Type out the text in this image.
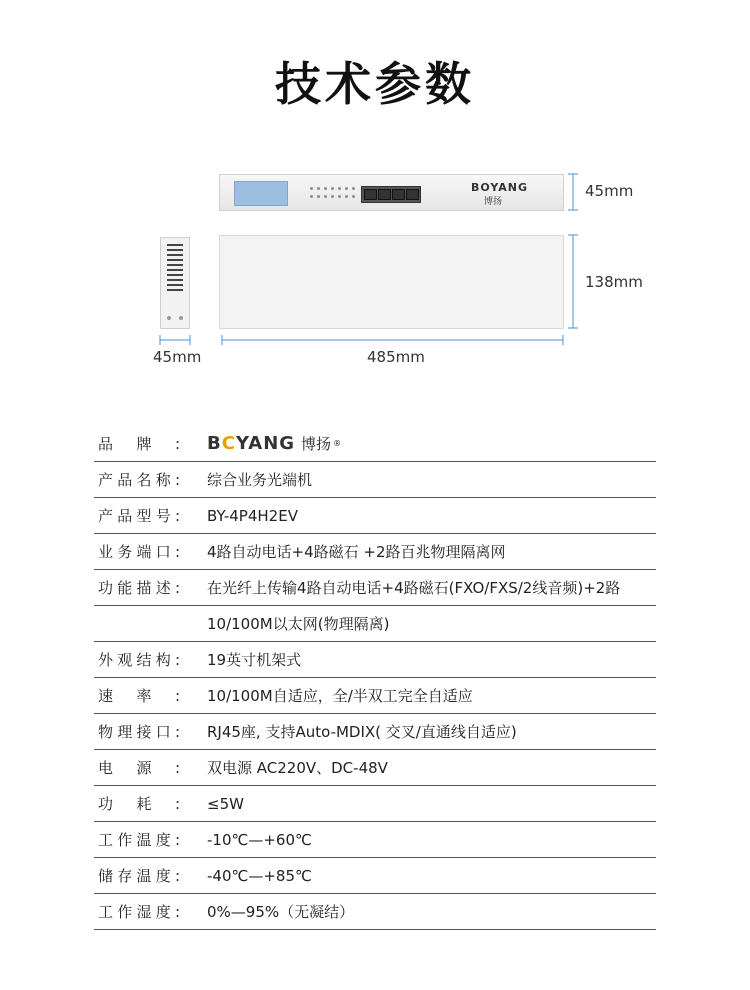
技术参数
BOYANG
博扬
45mm
138mm
45mm	485mm
品牌: BCYANG 博扬 ®
产品名称: 综合业务光端机
产品型号: BY-4P4H2EV
业务端口: 4路自动电话+4路磁石 +2路百兆物理隔离网
功能描述: 在光纤上传输4路自动电话+4路磁石(FXO/FXS/2线音频)+2路
10/100M以太网(物理隔离)
外观结构: 19英寸机架式
速率: 10/100M自适应，全/半双工完全自适应
物理接口: RJ45座, 支持Auto-MDIX( 交叉/直通线自适应)
电源: 双电源 AC220V、DC-48V
功耗: ≤5W
工作温度: -10℃—+60℃
储存温度: -40℃—+85℃
工作湿度: 0%—95%（无凝结）
